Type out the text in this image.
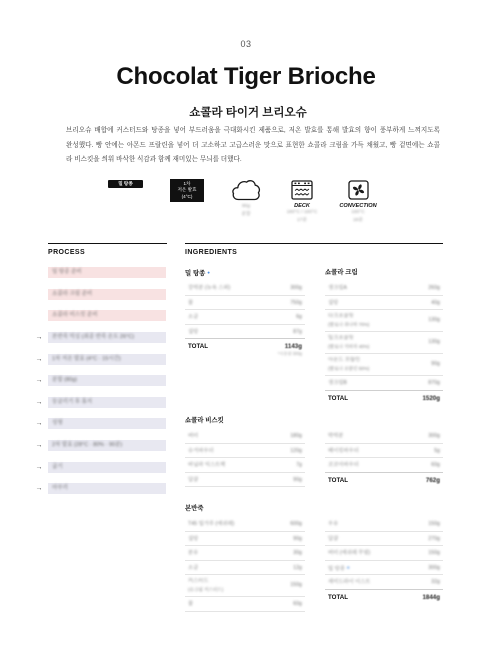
03
Chocolat Tiger Brioche
쇼콜라 타이거 브리오슈
브리오슈 배합에 커스터드와 탕종을 넣어 부드러움을 극대화시킨 제품으로, 저온 발효를 통해 발효의 향이 풍부하게 느껴지도록
완성했다. 빵 안에는 아몬드 프랄린을 넣어 더 고소하고 고급스러운 맛으로 표현한 쇼콜라 크림을 가득 채웠고, 빵 겉면에는 쇼콜
라 비스킷을 씌워 바삭한 식감과 함께 재미있는 무늬를 더했다.
밀 탕종	1차
저온 발효
(4°C)
80g
분할
DECK
180°C / 160°C
17분
CONVECTION
160°C
18분
PROCESS
밀 탕종 준비
쇼콜라 크림 준비
쇼콜라 비스킷 준비
→ 본반죽 믹싱 (최종 반죽 온도 26°C)
→ 1차 저온 발효 (4°C · 15시간)
→ 분할 (80g)
→ 둥글리기 후 휴지
→ 성형
→ 2차 발효 (28°C · 80% · 90분)
→ 굽기
→ 마무리
INGREDIENTS
밀 탕종 ●
강력분 (뉴욕 스퍼)	300g
물	750g
소금	6g
설탕	87g
TOTAL	1143g
*사용량 300g
쇼콜라 크림
생크림A	260g
설탕	40g
다크초콜릿
(발로나 과나하 70%)
130g
밀크초콜릿
(발로나 지바라 40%)
130g
아몬드 프랄린
(발로나 프랄린 50%)
90g
생크림B	870g
TOTAL	1520g
쇼콜라 비스킷
버터	180g
슈거파우더	120g
바닐라 익스트랙	7g
달걀	90g
박력분	300g
베이킹파우더	5g
코코아파우더	60g
TOTAL	762g
본반죽
T45 밀가루 (에쉬레)	600g
설탕	90g
분유	30g
소금	12g
커스터드
(슈크림 커스터드)
150g
물	60g
우유	150g
달걀	270g
버터 (에쉬레 무염)	150g
밀 탕종 ●	300g
세미드라이 이스트	32g
TOTAL	1844g
